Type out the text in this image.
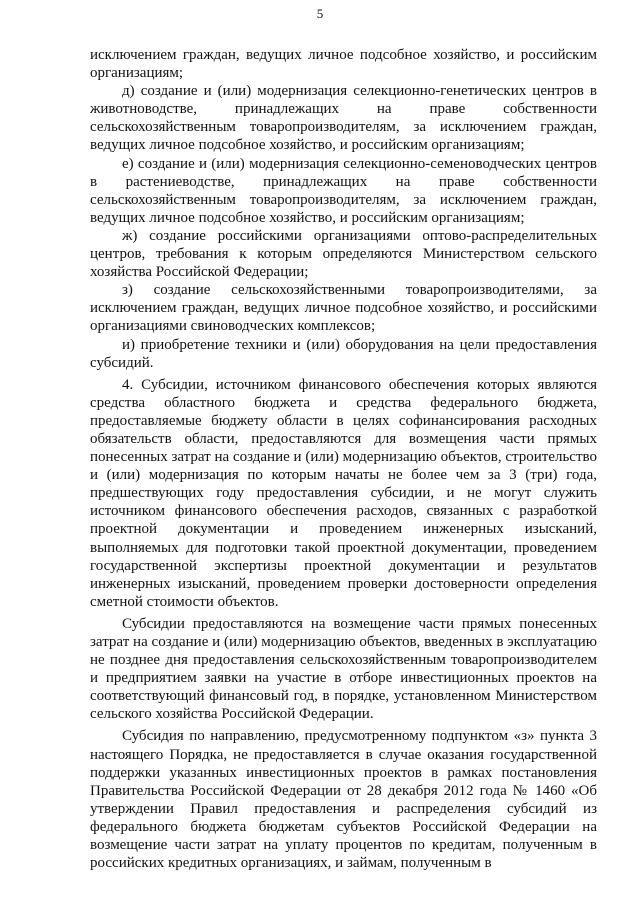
5

исключением граждан, ведущих личное подсобное хозяйство, и российским организациям;

д) создание и (или) модернизация селекционно-генетических центров в животноводстве, принадлежащих на праве собственности сельскохозяйственным товаропроизводителям, за исключением граждан, ведущих личное подсобное хозяйство, и российским организациям;

е) создание и (или) модернизация селекционно-семеноводческих центров в растениеводстве, принадлежащих на праве собственности сельскохозяйственным товаропроизводителям, за исключением граждан, ведущих личное подсобное хозяйство, и российским организациям;

ж) создание российскими организациями оптово-распределительных центров, требования к которым определяются Министерством сельского хозяйства Российской Федерации;

з) создание сельскохозяйственными товаропроизводителями, за исключением граждан, ведущих личное подсобное хозяйство, и российскими организациями свиноводческих комплексов;

и) приобретение техники и (или) оборудования на цели предоставления субсидий.

4. Субсидии, источником финансового обеспечения которых являются средства областного бюджета и средства федерального бюджета, предоставляемые бюджету области в целях софинансирования расходных обязательств области, предоставляются для возмещения части прямых понесенных затрат на создание и (или) модернизацию объектов, строительство и (или) модернизация по которым начаты не более чем за 3 (три) года, предшествующих году предоставления субсидии, и не могут служить источником финансового обеспечения расходов, связанных с разработкой проектной документации и проведением инженерных изысканий, выполняемых для подготовки такой проектной документации, проведением государственной экспертизы проектной документации и результатов инженерных изысканий, проведением проверки достоверности определения сметной стоимости объектов.

Субсидии предоставляются на возмещение части прямых понесенных затрат на создание и (или) модернизацию объектов, введенных в эксплуатацию не позднее дня предоставления сельскохозяйственным товаропроизводителем и предприятием заявки на участие в отборе инвестиционных проектов на соответствующий финансовый год, в порядке, установленном Министерством сельского хозяйства Российской Федерации.

Субсидия по направлению, предусмотренному подпунктом «з» пункта 3 настоящего Порядка, не предоставляется в случае оказания государственной поддержки указанных инвестиционных проектов в рамках постановления Правительства Российской Федерации от 28 декабря 2012 года № 1460 «Об утверждении Правил предоставления и распределения субсидий из федерального бюджета бюджетам субъектов Российской Федерации на возмещение части затрат на уплату процентов по кредитам, полученным в российских кредитных организациях, и займам, полученным в
